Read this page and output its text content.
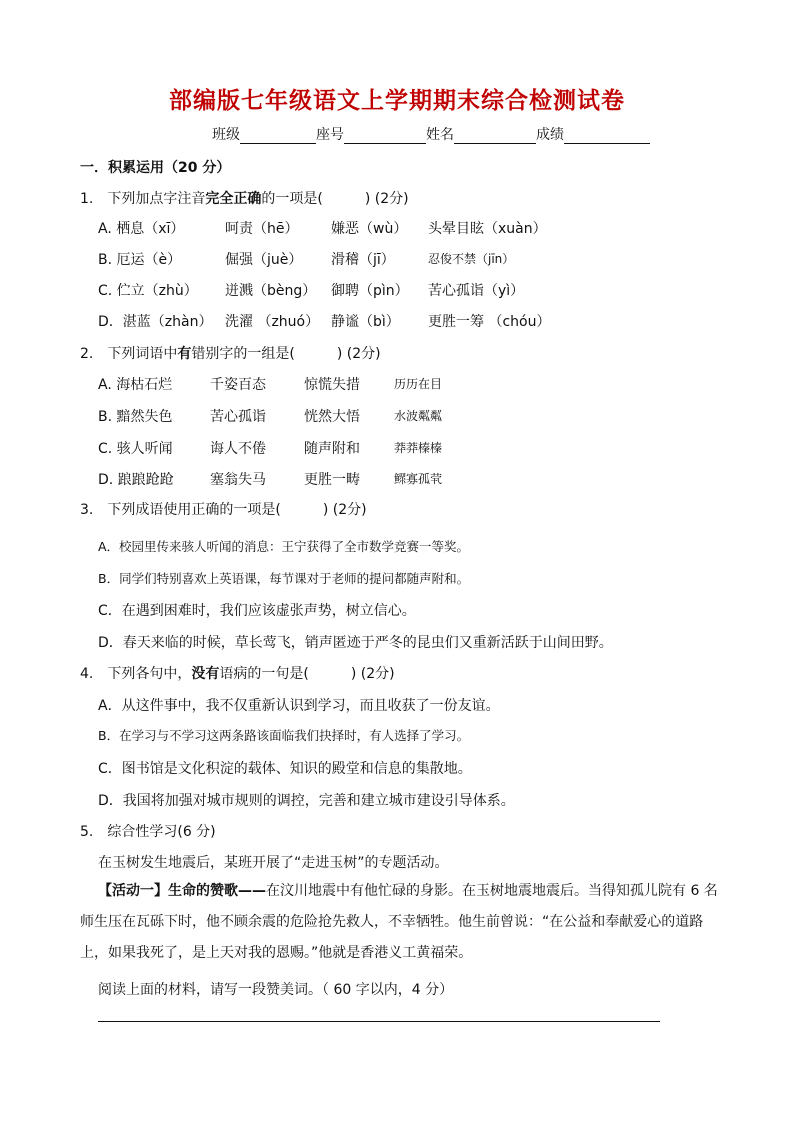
部编版七年级语文上学期期末综合检测试卷
班级	座号	姓名	成绩
一．积累运用（20 分）
1.　下列加点字注音完全正确的一项是(　　　) (2分)
A. 栖息（xī）	呵责（hē） 嫌恶（wù） 头晕目眩（xuàn）
B. 厄运（è）	倔强（juè） 滑稽（jī）	忍俊不禁（jīn）
C. 伫立（zhù） 迸溅（bèng） 御聘（pìn） 苦心孤诣（yì）
D．湛蓝（zhàn） 洗濯 （zhuó） 静谧（bì） 更胜一筹 （chóu）
2.　下列词语中有错别字的一组是(　　　) (2分)
A. 海枯石烂	千姿百态	惊慌失措	历历在目
B. 黯然失色	苦心孤诣	恍然大悟	水波粼粼
C. 骇人听闻	诲人不倦	随声附和	莽莽榛榛
D. 踉踉跄跄	塞翁失马	更胜一畴	鳏寡孤茕
3.　下列成语使用正确的一项是(　　　) (2分)
A．校园里传来骇人听闻的消息：王宁获得了全市数学竞赛一等奖。
B．同学们特别喜欢上英语课，每节课对于老师的提问都随声附和。
C．在遇到困难时，我们应该虚张声势，树立信心。
D．春天来临的时候，草长莺飞，销声匿迹于严冬的昆虫们又重新活跃于山间田野。
4.　下列各句中，没有语病的一句是(　　　) (2分)
A．从这件事中，我不仅重新认识到学习，而且收获了一份友谊。
B．在学习与不学习这两条路该面临我们抉择时，有人选择了学习。
C．图书馆是文化积淀的载体、知识的殿堂和信息的集散地。
D．我国将加强对城市规则的调控，完善和建立城市建设引导体系。
5.　综合性学习(6 分)
在玉树发生地震后，某班开展了“走进玉树”的专题活动。
【活动一】生命的赞歌——在汶川地震中有他忙碌的身影。在玉树地震地震后。当得知孤儿院有 6 名师生压在瓦砾下时，他不顾余震的危险抢先救人，不幸牺牲。他生前曾说：“在公益和奉献爱心的道路上，如果我死了，是上天对我的恩赐。”他就是香港义工黄福荣。
阅读上面的材料，请写一段赞美词。（ 60 字以内，4 分）
